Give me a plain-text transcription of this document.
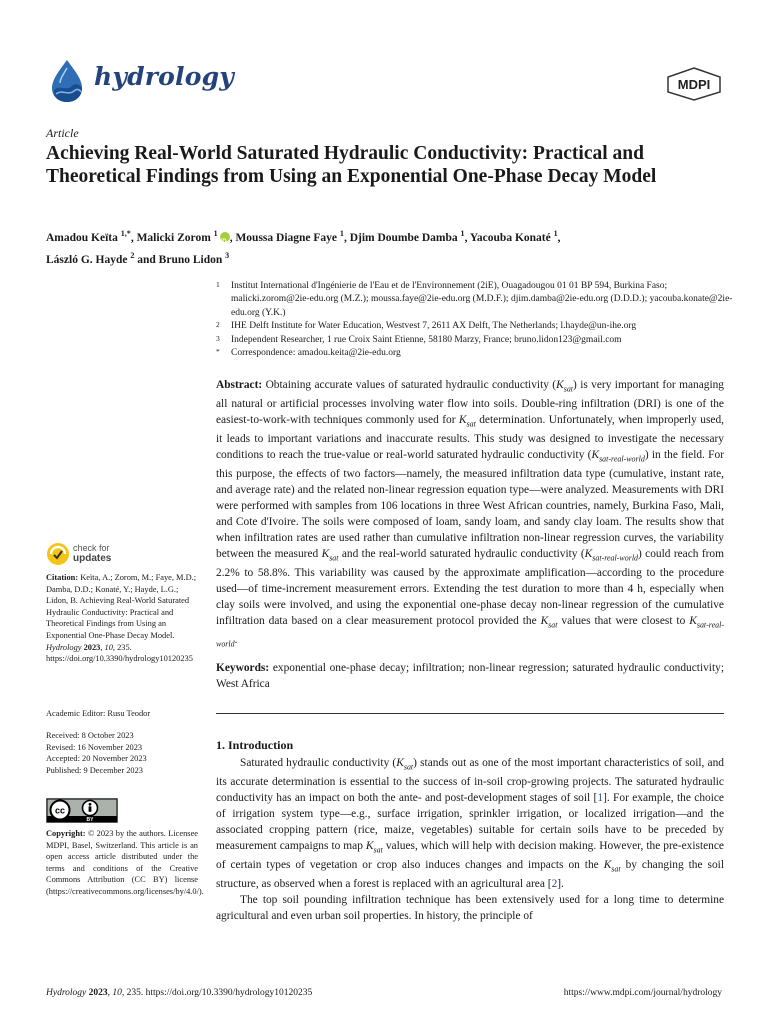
hydrology	MDPI
Article
Achieving Real-World Saturated Hydraulic Conductivity: Practical and Theoretical Findings from Using an Exponential One-Phase Decay Model
Amadou Keïta $^{1,*}$, Malicki Zorom $^1$iD , Moussa Diagne Faye $^1$, Djim Doumbe Damba $^1$, Yacouba Konaté $^1$,
László G. Hayde $^2$ and Bruno Lidon $^3$
1 Institut International d'Ingénierie de l'Eau et de l'Environnement (2iE), Ouagadougou 01 01 BP 594, Burkina Faso; malicki.zorom@2ie-edu.org (M.Z.); moussa.faye@2ie-edu.org (M.D.F.); djim.damba@2ie-edu.org (D.D.D.); yacouba.konate@2ie-edu.org (Y.K.)
2 IHE Delft Institute for Water Education, Westvest 7, 2611 AX Delft, The Netherlands; l.hayde@un-ihe.org
3 Independent Researcher, 1 rue Croix Saint Etienne, 58180 Marzy, France; bruno.lidon123@gmail.com
* Correspondence: amadou.keita@2ie-edu.org
Abstract: Obtaining accurate values of saturated hydraulic conductivity $(K_{sat})$ is very important for managing all natural or artificial processes involving water flow into soils. Double-ring infiltration (DRI) is one of the easiest-to-work-with techniques commonly used for $K_{sat}$ determination. Unfortunately, when improperly used, it leads to important variations and inaccurate results. This study was designed to investigate the necessary conditions to reach the true-value or real-world saturated hydraulic conductivity $(K_{sat-real-world})$ in the field. For this purpose, the effects of two factors—namely, the measured infiltration data type (cumulative, instant rate, and average rate) and the related non-linear regression equation type—were analyzed. Measurements with DRI were performed with samples from 106 locations in three West African countries, namely, Burkina Faso, Mali, and Cote d'Ivoire. The soils were composed of loam, sandy loam, and sandy clay loam. The results show that when infiltration rates are used rather than cumulative infiltration non-linear regression curves, the variability between the measured $K_{sat}$ and the real-world saturated hydraulic conductivity $(K_{sat-real-world})$ could reach from 2.2% to 58.8%. This variability was caused by the approximate amplification—according to the procedure used—of time-increment measurement errors. Extending the test duration to more than 4 h, especially when clay soils were involved, and using the exponential one-phase decay non-linear regression of the cumulative infiltration data based on a clear measurement protocol provided the $K_{sat}$ values that were closest to $K_{sat-real-world}$.
Keywords: exponential one-phase decay; infiltration; non-linear regression; saturated hydraulic conductivity; West Africa
1. Introduction

Saturated hydraulic conductivity $(K_{sat})$ stands out as one of the most important characteristics of soil, and its accurate determination is essential to the success of in-soil crop-growing projects. The saturated hydraulic conductivity has an impact on both the ante- and post-development stages of soil [1]. For example, the choice of irrigation system type—e.g., surface irrigation, sprinkler irrigation, or localized irrigation—and the associated cropping pattern (rice, maize, vegetables) suitable for certain soils have to be preceded by measurement campaigns to map $K_{sat}$ values, which will help with decision making. However, the pre-existence of certain types of vegetation or crop also induces changes and impacts on the $K_{sat}$ by changing the soil structure, as observed when a forest is replaced with an agricultural area [2].

The top soil pounding infiltration technique has been extensively used for a long time to determine agricultural and even urban soil properties. In history, the principle of

check for
updates
Citation: Keïta, A.; Zorom, M.; Faye, M.D.; Damba, D.D.; Konaté, Y.; Hayde, L.G.; Lidon, B. Achieving Real-World Saturated Hydraulic Conductivity: Practical and Theoretical Findings from Using an Exponential One-Phase Decay Model. Hydrology 2023, 10, 235. https://doi.org/10.3390/hydrology10120235
Academic Editor: Rusu Teodor
Received: 8 October 2023
Revised: 16 November 2023
Accepted: 20 November 2023
Published: 9 December 2023
cc
BY
Copyright: © 2023 by the authors. Licensee MDPI, Basel, Switzerland. This article is an open access article distributed under the terms and conditions of the Creative Commons Attribution (CC BY) license (https://creativecommons.org/licenses/by/4.0/).
Hydrology 2023, 10, 235. https://doi.org/10.3390/hydrology10120235	https://www.mdpi.com/journal/hydrology
